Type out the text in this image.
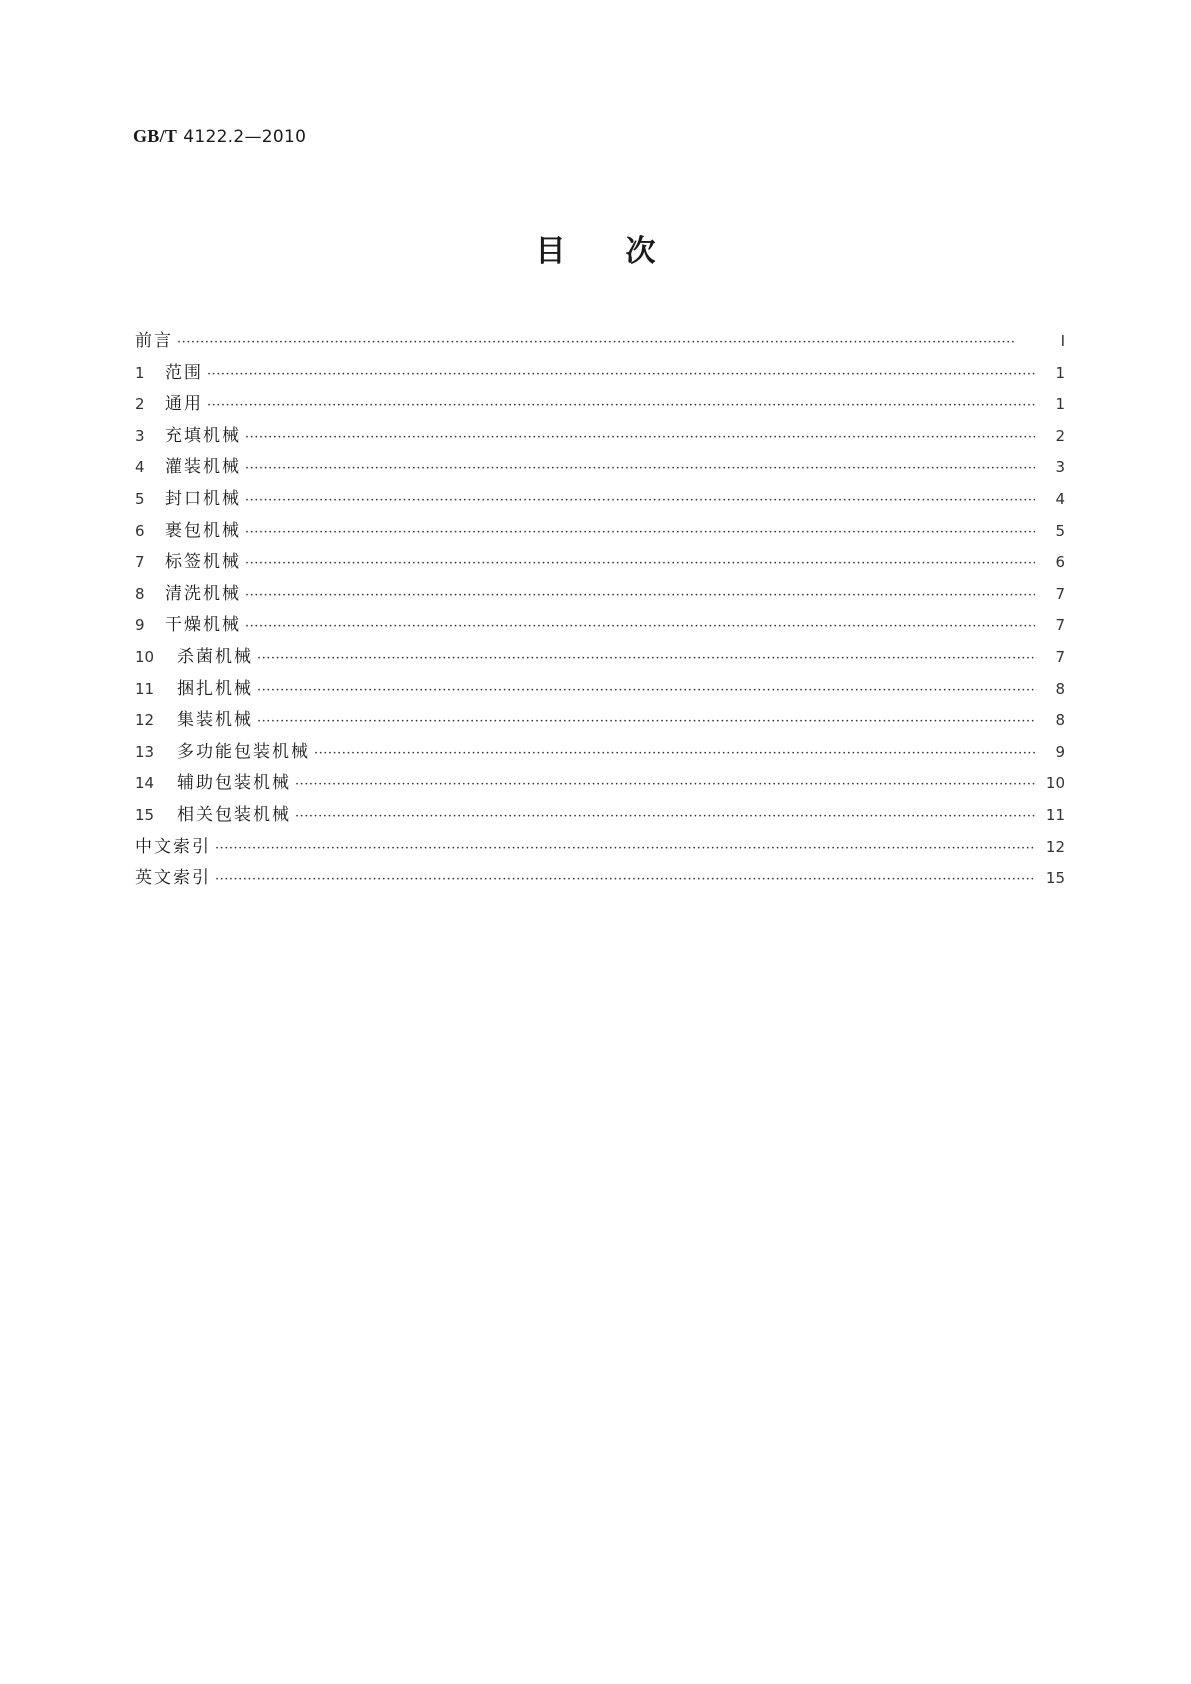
GB/T 4122.2—2010
目次
前言 ·····	Ⅰ
1	范围 ·····	1
2	通用 ·····	1
3	充填机械 ·····	2
4	灌装机械 ·····	3
5	封口机械 ·····	4
6	裹包机械 ·····	5
7	标签机械 ·····	6
8	清洗机械 ·····	7
9	干燥机械 ·····	7
10	杀菌机械 ·····	7
11	捆扎机械 ·····	8
12	集装机械 ·····	8
13	多功能包装机械 ·····	9
14	辅助包装机械 ·····	10
15	相关包装机械 ·····	11
中文索引 ·····	12
英文索引 ·····	15
